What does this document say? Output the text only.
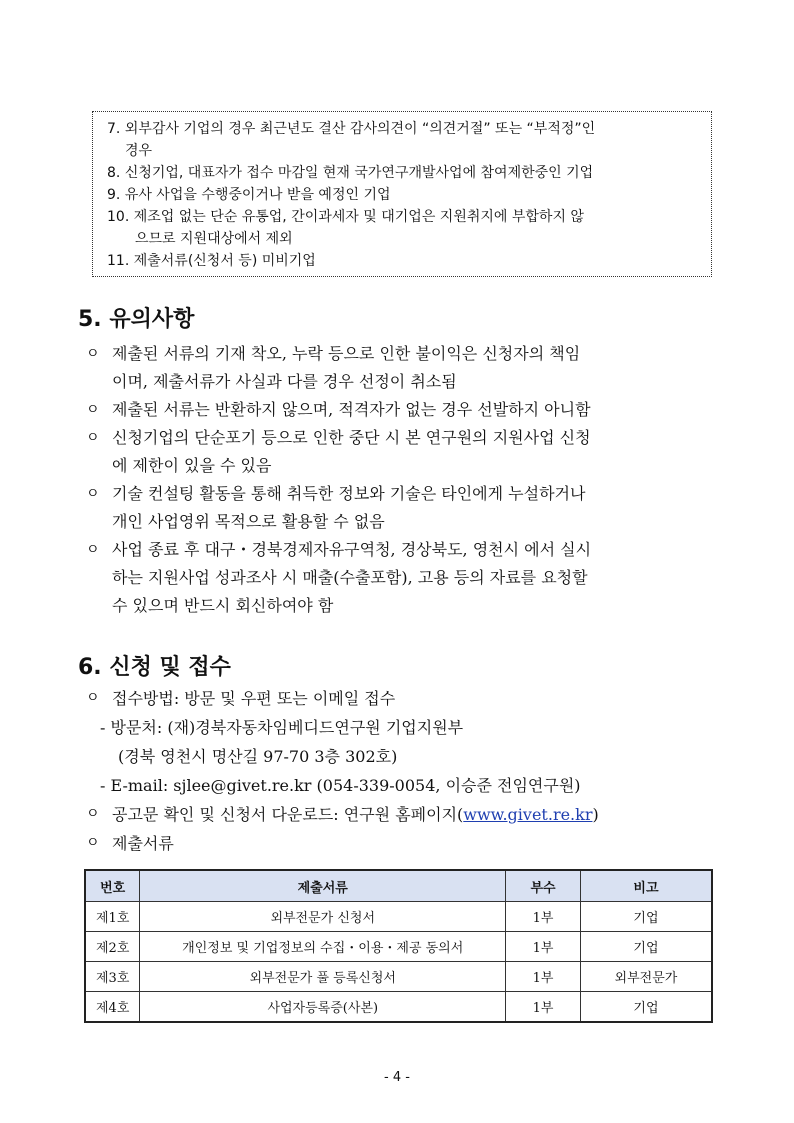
7. 외부감사 기업의 경우 최근년도 결산 감사의견이 “의견거절” 또는 “부적정”인
경우
8. 신청기업, 대표자가 접수 마감일 현재 국가연구개발사업에 참여제한중인 기업
9. 유사 사업을 수행중이거나 받을 예정인 기업
10. 제조업 없는 단순 유통업, 간이과세자 및 대기업은 지원취지에 부합하지 않
으므로 지원대상에서 제외
11. 제출서류(신청서 등) 미비기업
5. 유의사항
ㅇ 제출된 서류의 기재 착오, 누락 등으로 인한 불이익은 신청자의 책임
이며, 제출서류가 사실과 다를 경우 선정이 취소됨
ㅇ 제출된 서류는 반환하지 않으며, 적격자가 없는 경우 선발하지 아니함
ㅇ 신청기업의 단순포기 등으로 인한 중단 시 본 연구원의 지원사업 신청
에 제한이 있을 수 있음
ㅇ 기술 컨설팅 활동을 통해 취득한 정보와 기술은 타인에게 누설하거나
개인 사업영위 목적으로 활용할 수 없음
ㅇ 사업 종료 후 대구・경북경제자유구역청, 경상북도, 영천시 에서 실시
하는 지원사업 성과조사 시 매출(수출포함), 고용 등의 자료를 요청할
수 있으며 반드시 회신하여야 함
6. 신청 및 접수
ㅇ 접수방법: 방문 및 우편 또는 이메일 접수
- 방문처: (재)경북자동차임베디드연구원 기업지원부
(경북 영천시 명산길 97-70 3층 302호)
- E-mail: sjlee@givet.re.kr (054-339-0054, 이승준 전임연구원)
ㅇ 공고문 확인 및 신청서 다운로드: 연구원 홈페이지(www.givet.re.kr)
ㅇ 제출서류
번호	제출서류	부수	비고
제1호	외부전문가 신청서	1부	기업
제2호	개인정보 및 기업정보의 수집・이용・제공 동의서	1부	기업
제3호	외부전문가 풀 등록신청서	1부	외부전문가
제4호	사업자등록증(사본)	1부	기업
- 4 -
